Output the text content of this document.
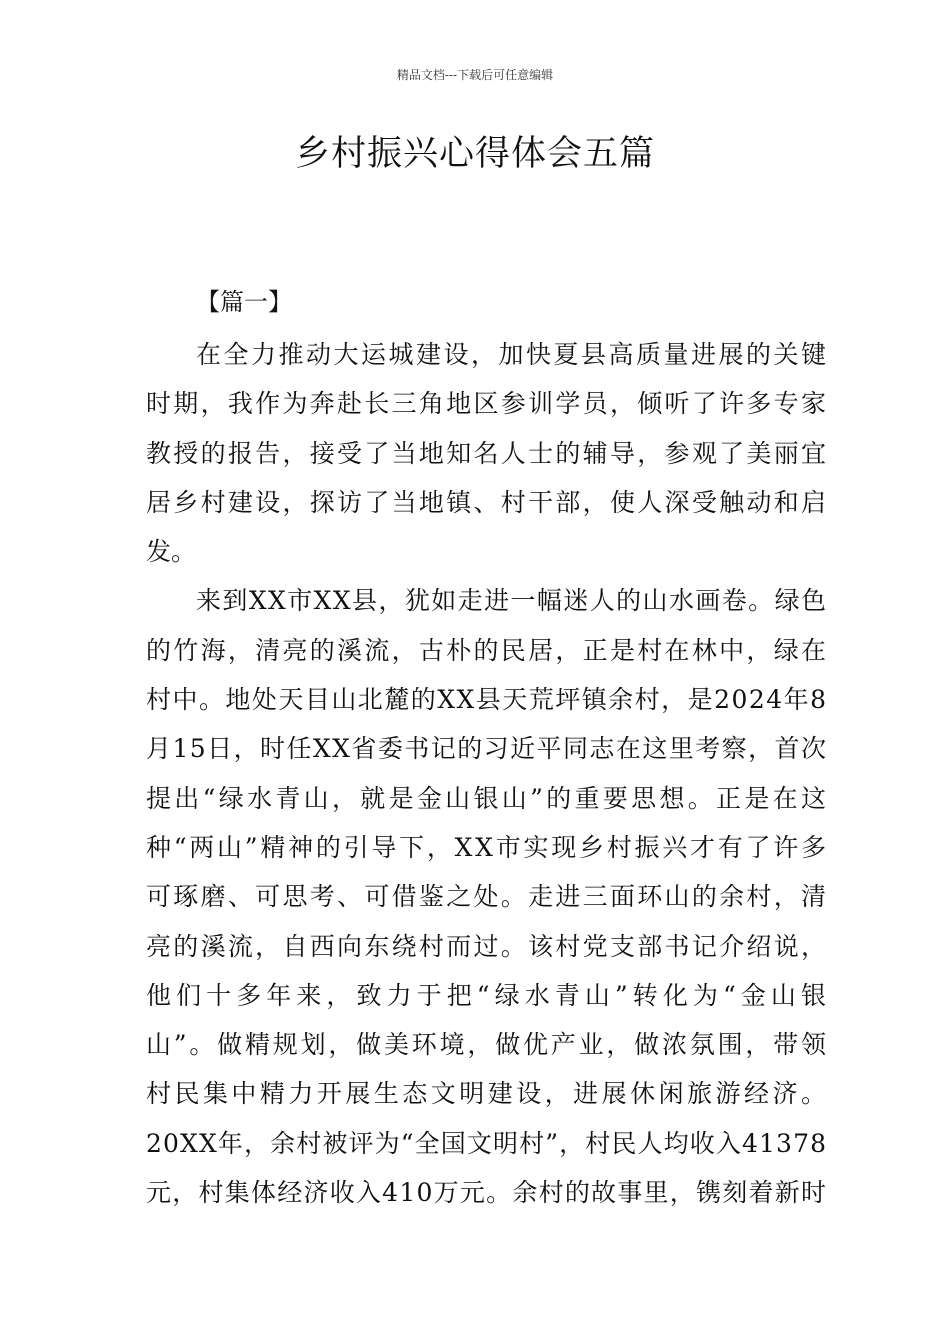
精品文档---下载后可任意编辑
乡村振兴心得体会五篇
【篇一】
在全力推动大运城建设，加快夏县高质量进展的关键
时期，我作为奔赴长三角地区参训学员，倾听了许多专家
教授的报告，接受了当地知名人士的辅导，参观了美丽宜
居乡村建设，探访了当地镇、村干部，使人深受触动和启
发。
来到XX市XX县，犹如走进一幅迷人的山水画卷。绿色
的竹海，清亮的溪流，古朴的民居，正是村在林中，绿在
村中。地处天目山北麓的XX县天荒坪镇余村，是2024年8
月15日，时任XX省委书记的习近平同志在这里考察，首次
提出“绿水青山，就是金山银山”的重要思想。正是在这
种“两山”精神的引导下，XX市实现乡村振兴才有了许多
可琢磨、可思考、可借鉴之处。走进三面环山的余村，清
亮的溪流，自西向东绕村而过。该村党支部书记介绍说，
他们十多年来，致力于把“绿水青山”转化为“金山银
山”。做精规划，做美环境，做优产业，做浓氛围，带领
村民集中精力开展生态文明建设，进展休闲旅游经济。
20XX年，余村被评为“全国文明村”，村民人均收入41378
元，村集体经济收入410万元。余村的故事里，镌刻着新时
